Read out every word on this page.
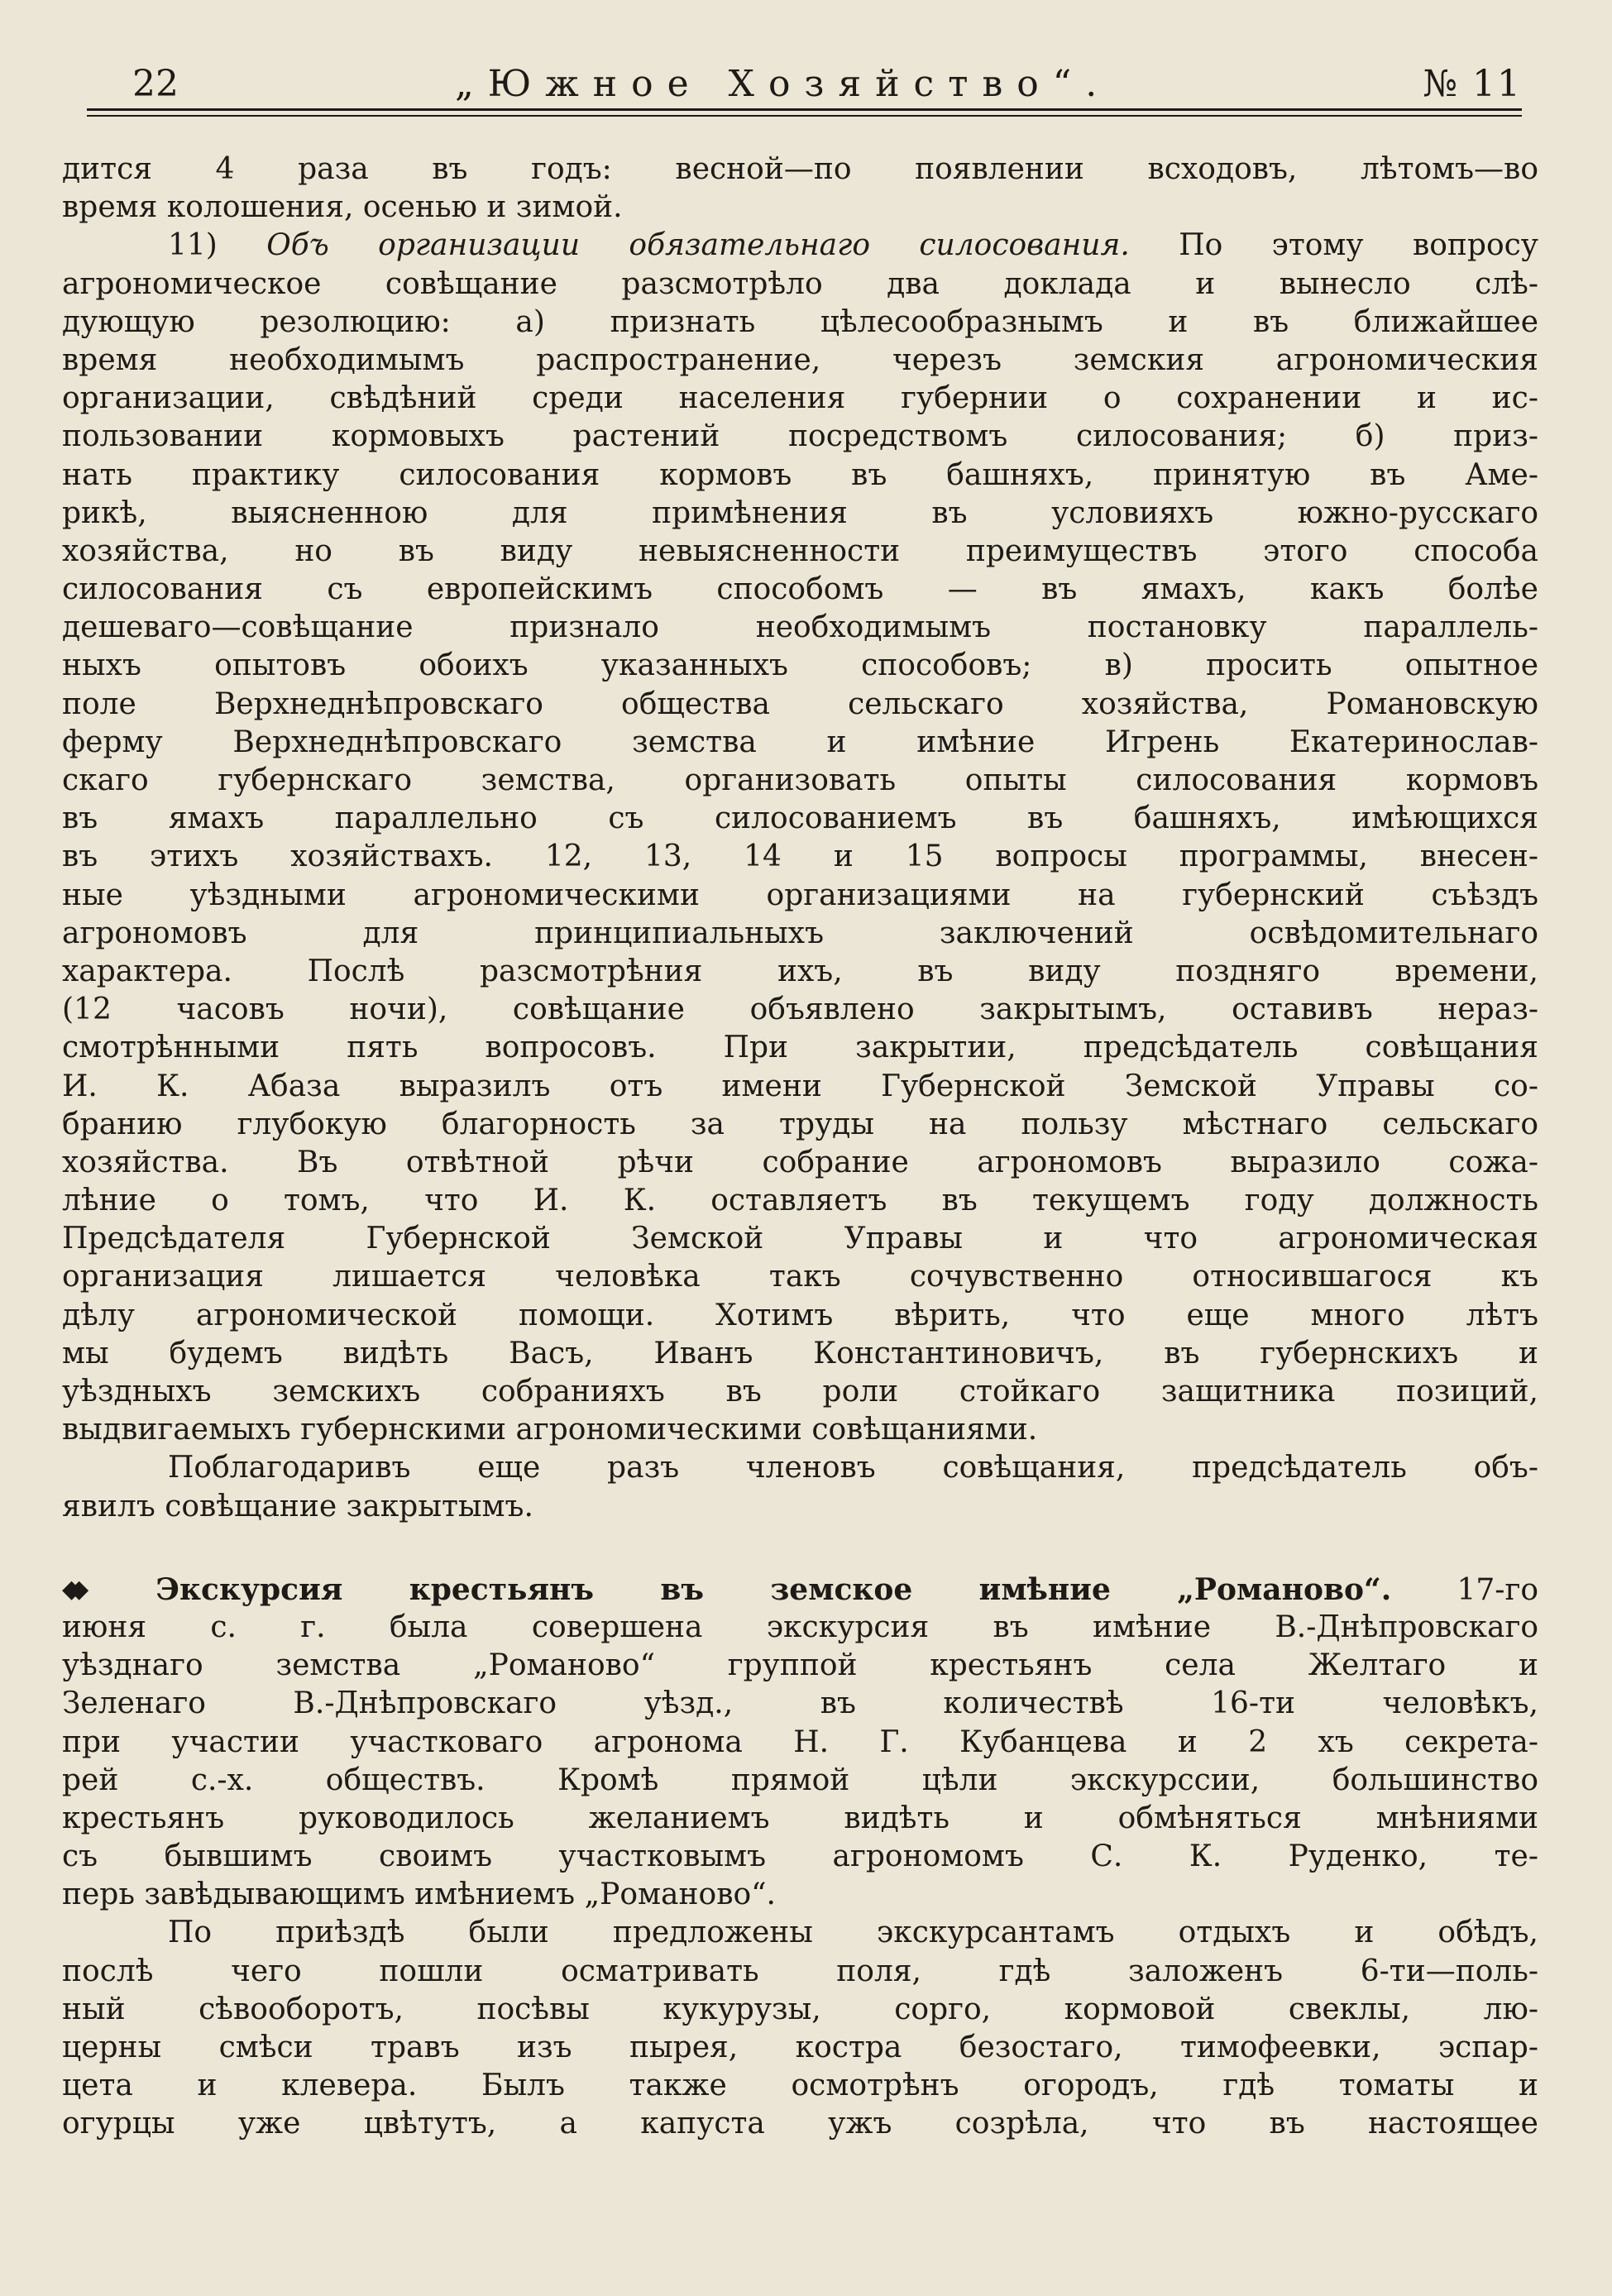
22	„Южное Хозяйство“.	№ 11
дится 4 раза въ годъ: весной—по появлении всходовъ, лѣтомъ—во
время колошения, осенью и зимой.
11) Объ организации обязательнаго силосования. По этому вопросу
агрономическое совѣщание разсмотрѣло два доклада и вынесло слѣ-
дующую резолюцию: а) признать цѣлесообразнымъ и въ ближайшее
время необходимымъ распространение, черезъ земския агрономическия
организации, свѣдѣний среди населения губернии о сохранении и ис-
пользовании кормовыхъ растений посредствомъ силосования; б) приз-
нать практику силосования кормовъ въ башняхъ, принятую въ Аме-
рикѣ, выясненною для примѣнения въ условияхъ южно-русскаго
хозяйства, но въ виду невыясненности преимуществъ этого способа
силосования съ европейскимъ способомъ — въ ямахъ, какъ болѣе
дешеваго—совѣщание признало необходимымъ постановку параллель-
ныхъ опытовъ обоихъ указанныхъ способовъ; в) просить опытное
поле Верхнеднѣпровскаго общества сельскаго хозяйства, Романовскую
ферму Верхнеднѣпровскаго земства и имѣние Игрень Екатеринослав-
скаго губернскаго земства, организовать опыты силосования кормовъ
въ ямахъ параллельно съ силосованиемъ въ башняхъ, имѣющихся
въ этихъ хозяйствахъ. 12, 13, 14 и 15 вопросы программы, внесен-
ные уѣздными агрономическими организациями на губернский съѣздъ
агрономовъ для принципиальныхъ заключений освѣдомительнаго
характера. Послѣ разсмотрѣния ихъ, въ виду поздняго времени,
(12 часовъ ночи), совѣщание объявлено закрытымъ, оставивъ нераз-
смотрѣнными пять вопросовъ. При закрытии, предсѣдатель совѣщания
И. К. Абаза выразилъ отъ имени Губернской Земской Управы со-
бранию глубокую благорность за труды на пользу мѣстнаго сельскаго
хозяйства. Въ отвѣтной рѣчи собрание агрономовъ выразило сожа-
лѣние о томъ, что И. К. оставляетъ въ текущемъ году должность
Предсѣдателя Губернской Земской Управы и что агрономическая
организация лишается человѣка такъ сочувственно относившагося къ
дѣлу агрономической помощи. Хотимъ вѣрить, что еще много лѣтъ
мы будемъ видѣть Васъ, Иванъ Константиновичъ, въ губернскихъ и
уѣздныхъ земскихъ собранияхъ въ роли стойкаго защитника позиций,
выдвигаемыхъ губернскими агрономическими совѣщаниями.
Поблагодаривъ еще разъ членовъ совѣщания, предсѣдатель объ-
явилъ совѣщание закрытымъ.
◆◆	Экскурсия крестьянъ въ земское имѣние „Романово“. 17-го
июня с. г. была совершена экскурсия въ имѣние В.-Днѣпровскаго
уѣзднаго земства „Романово“ группой крестьянъ села Желтаго и
Зеленаго В.-Днѣпровскаго уѣзд., въ количествѣ 16-ти человѣкъ,
при участии участковаго агронома Н. Г. Кубанцева и 2 хъ секрета-
рей с.-х. обществъ. Кромѣ прямой цѣли экскурссии, большинство
крестьянъ руководилось желаниемъ видѣть и обмѣняться мнѣниями
съ бывшимъ своимъ участковымъ агрономомъ С. К. Руденко, те-
перь завѣдывающимъ имѣниемъ „Романово“.
По приѣздѣ были предложены экскурсантамъ отдыхъ и обѣдъ,
послѣ чего пошли осматривать поля, гдѣ заложенъ 6-ти—поль-
ный сѣвооборотъ, посѣвы кукурузы, сорго, кормовой свеклы, лю-
церны смѣси травъ изъ пырея, костра безостаго, тимофеевки, эспар-
цета и клевера. Былъ также осмотрѣнъ огородъ, гдѣ томаты и
огурцы уже цвѣтутъ, а капуста ужъ созрѣла, что въ настоящее
